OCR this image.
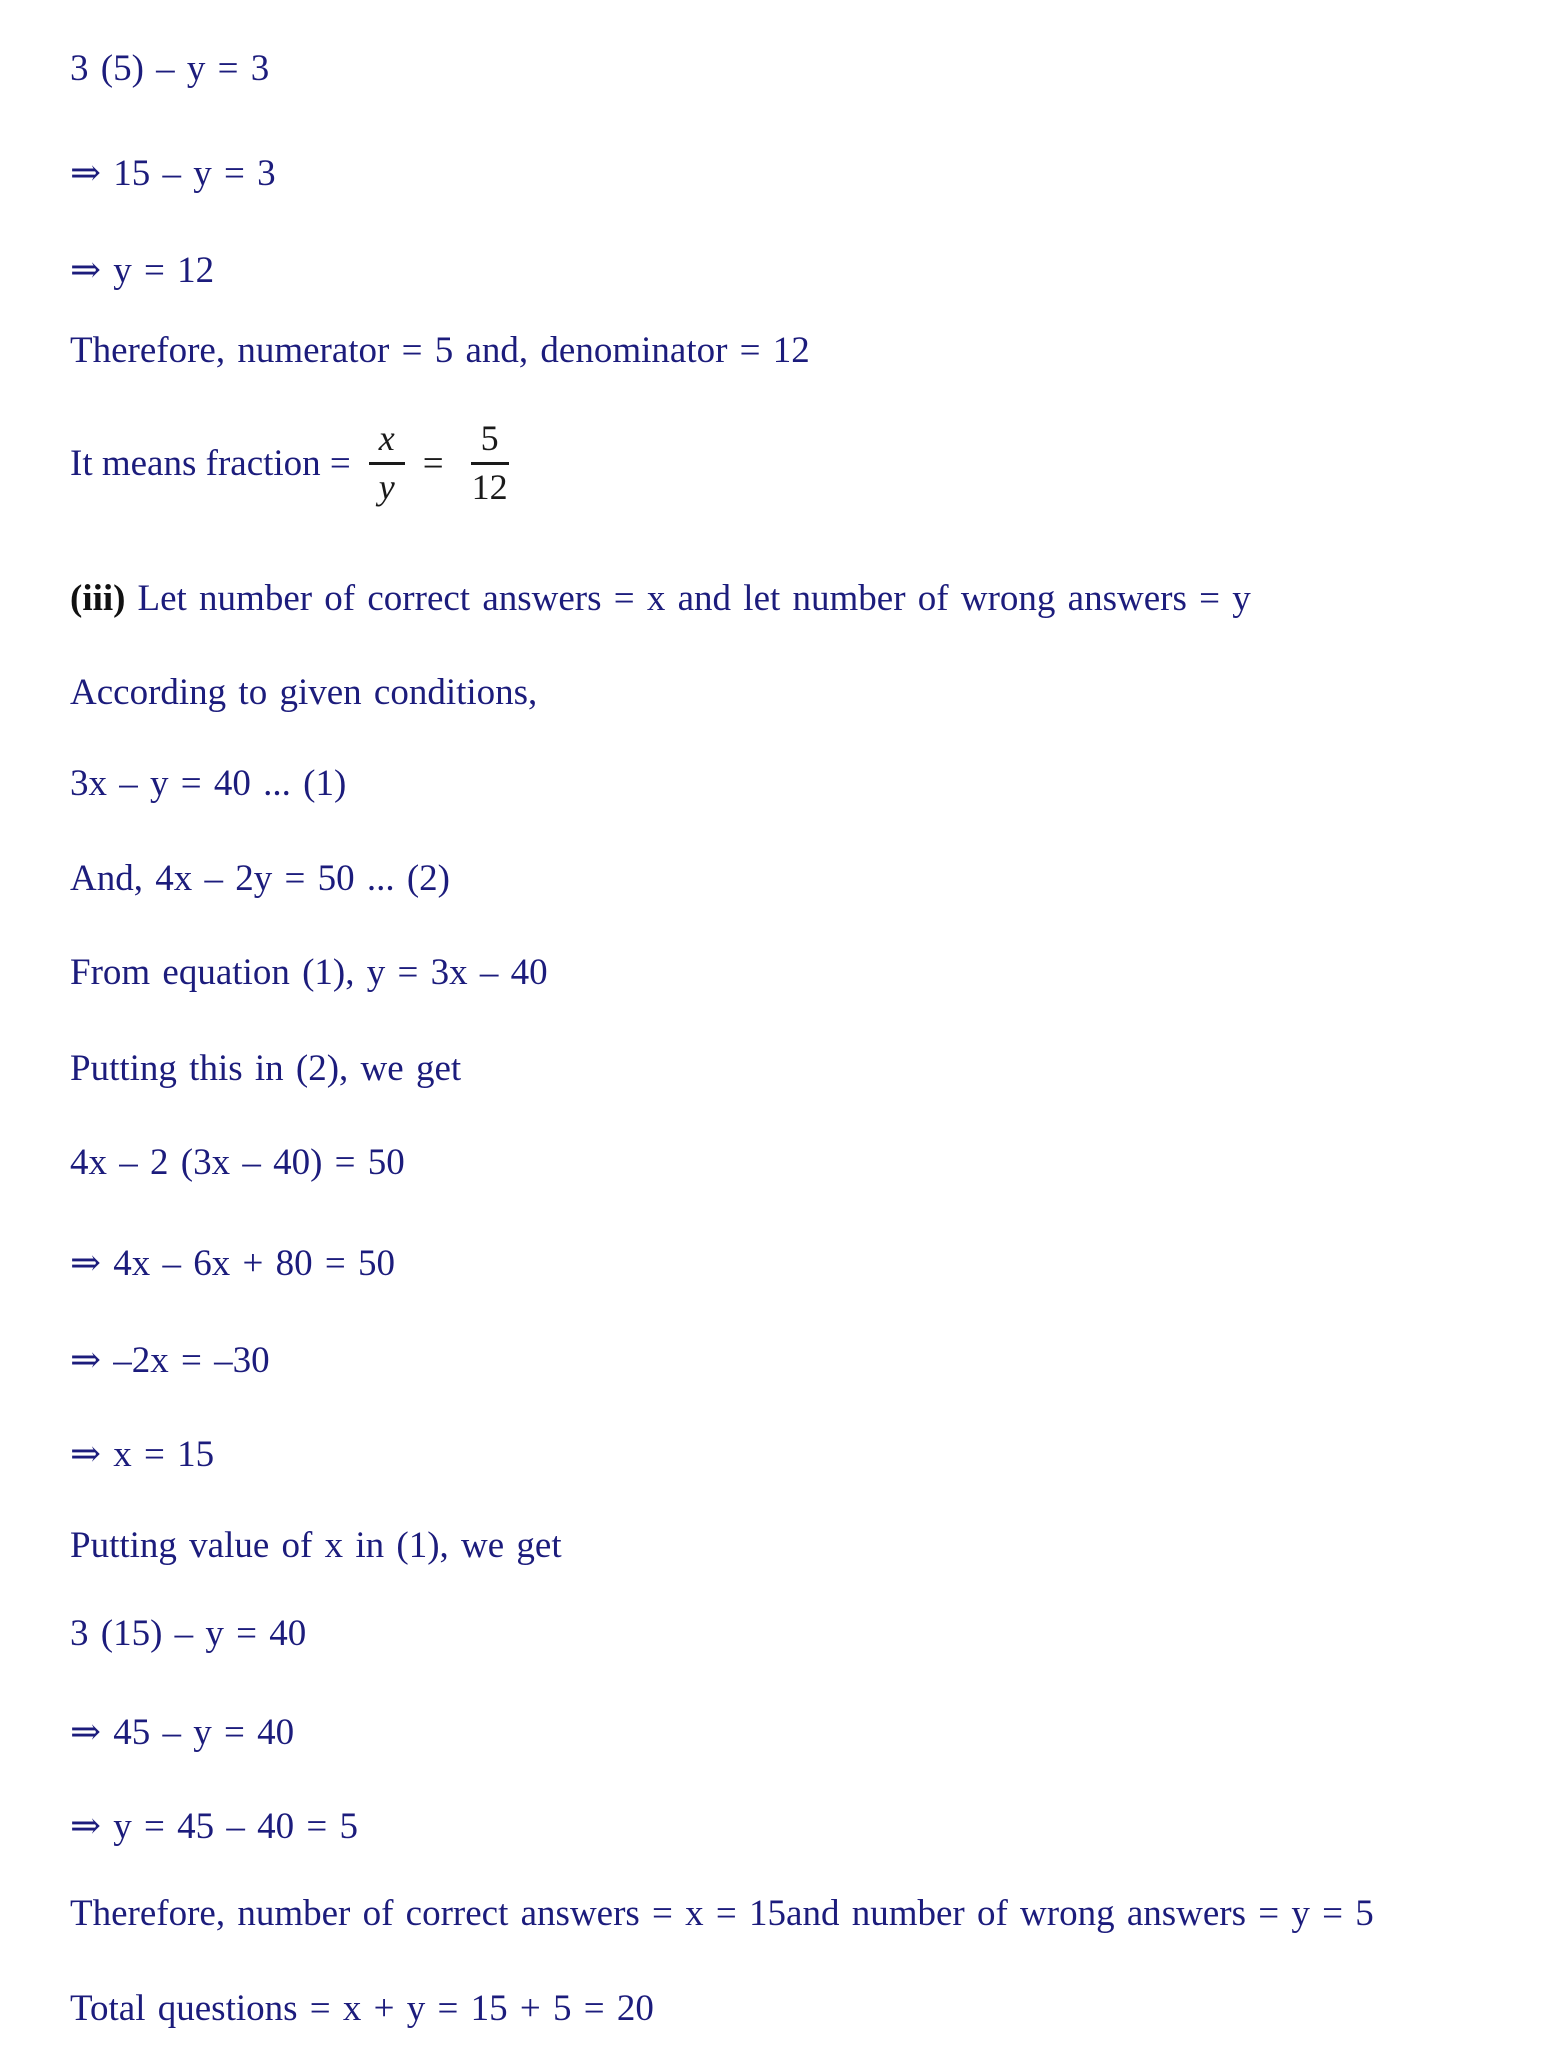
3 (5) – y = 3
⇒ 15 – y = 3
⇒ y = 12
Therefore, numerator = 5 and, denominator = 12
It means fraction = $\frac{x}{y} = \frac{5}{12}$
(iii) Let number of correct answers = x and let number of wrong answers = y
According to given conditions,
3x – y = 40 ... (1)
And, 4x – 2y = 50 ... (2)
From equation (1), y = 3x – 40
Putting this in (2), we get
4x – 2 (3x – 40) = 50
⇒ 4x – 6x + 80 = 50
⇒ –2x = –30
⇒ x = 15
Putting value of x in (1), we get
3 (15) – y = 40
⇒ 45 – y = 40
⇒ y = 45 – 40 = 5
Therefore, number of correct answers = x = 15and number of wrong answers = y = 5
Total questions = x + y = 15 + 5 = 20
